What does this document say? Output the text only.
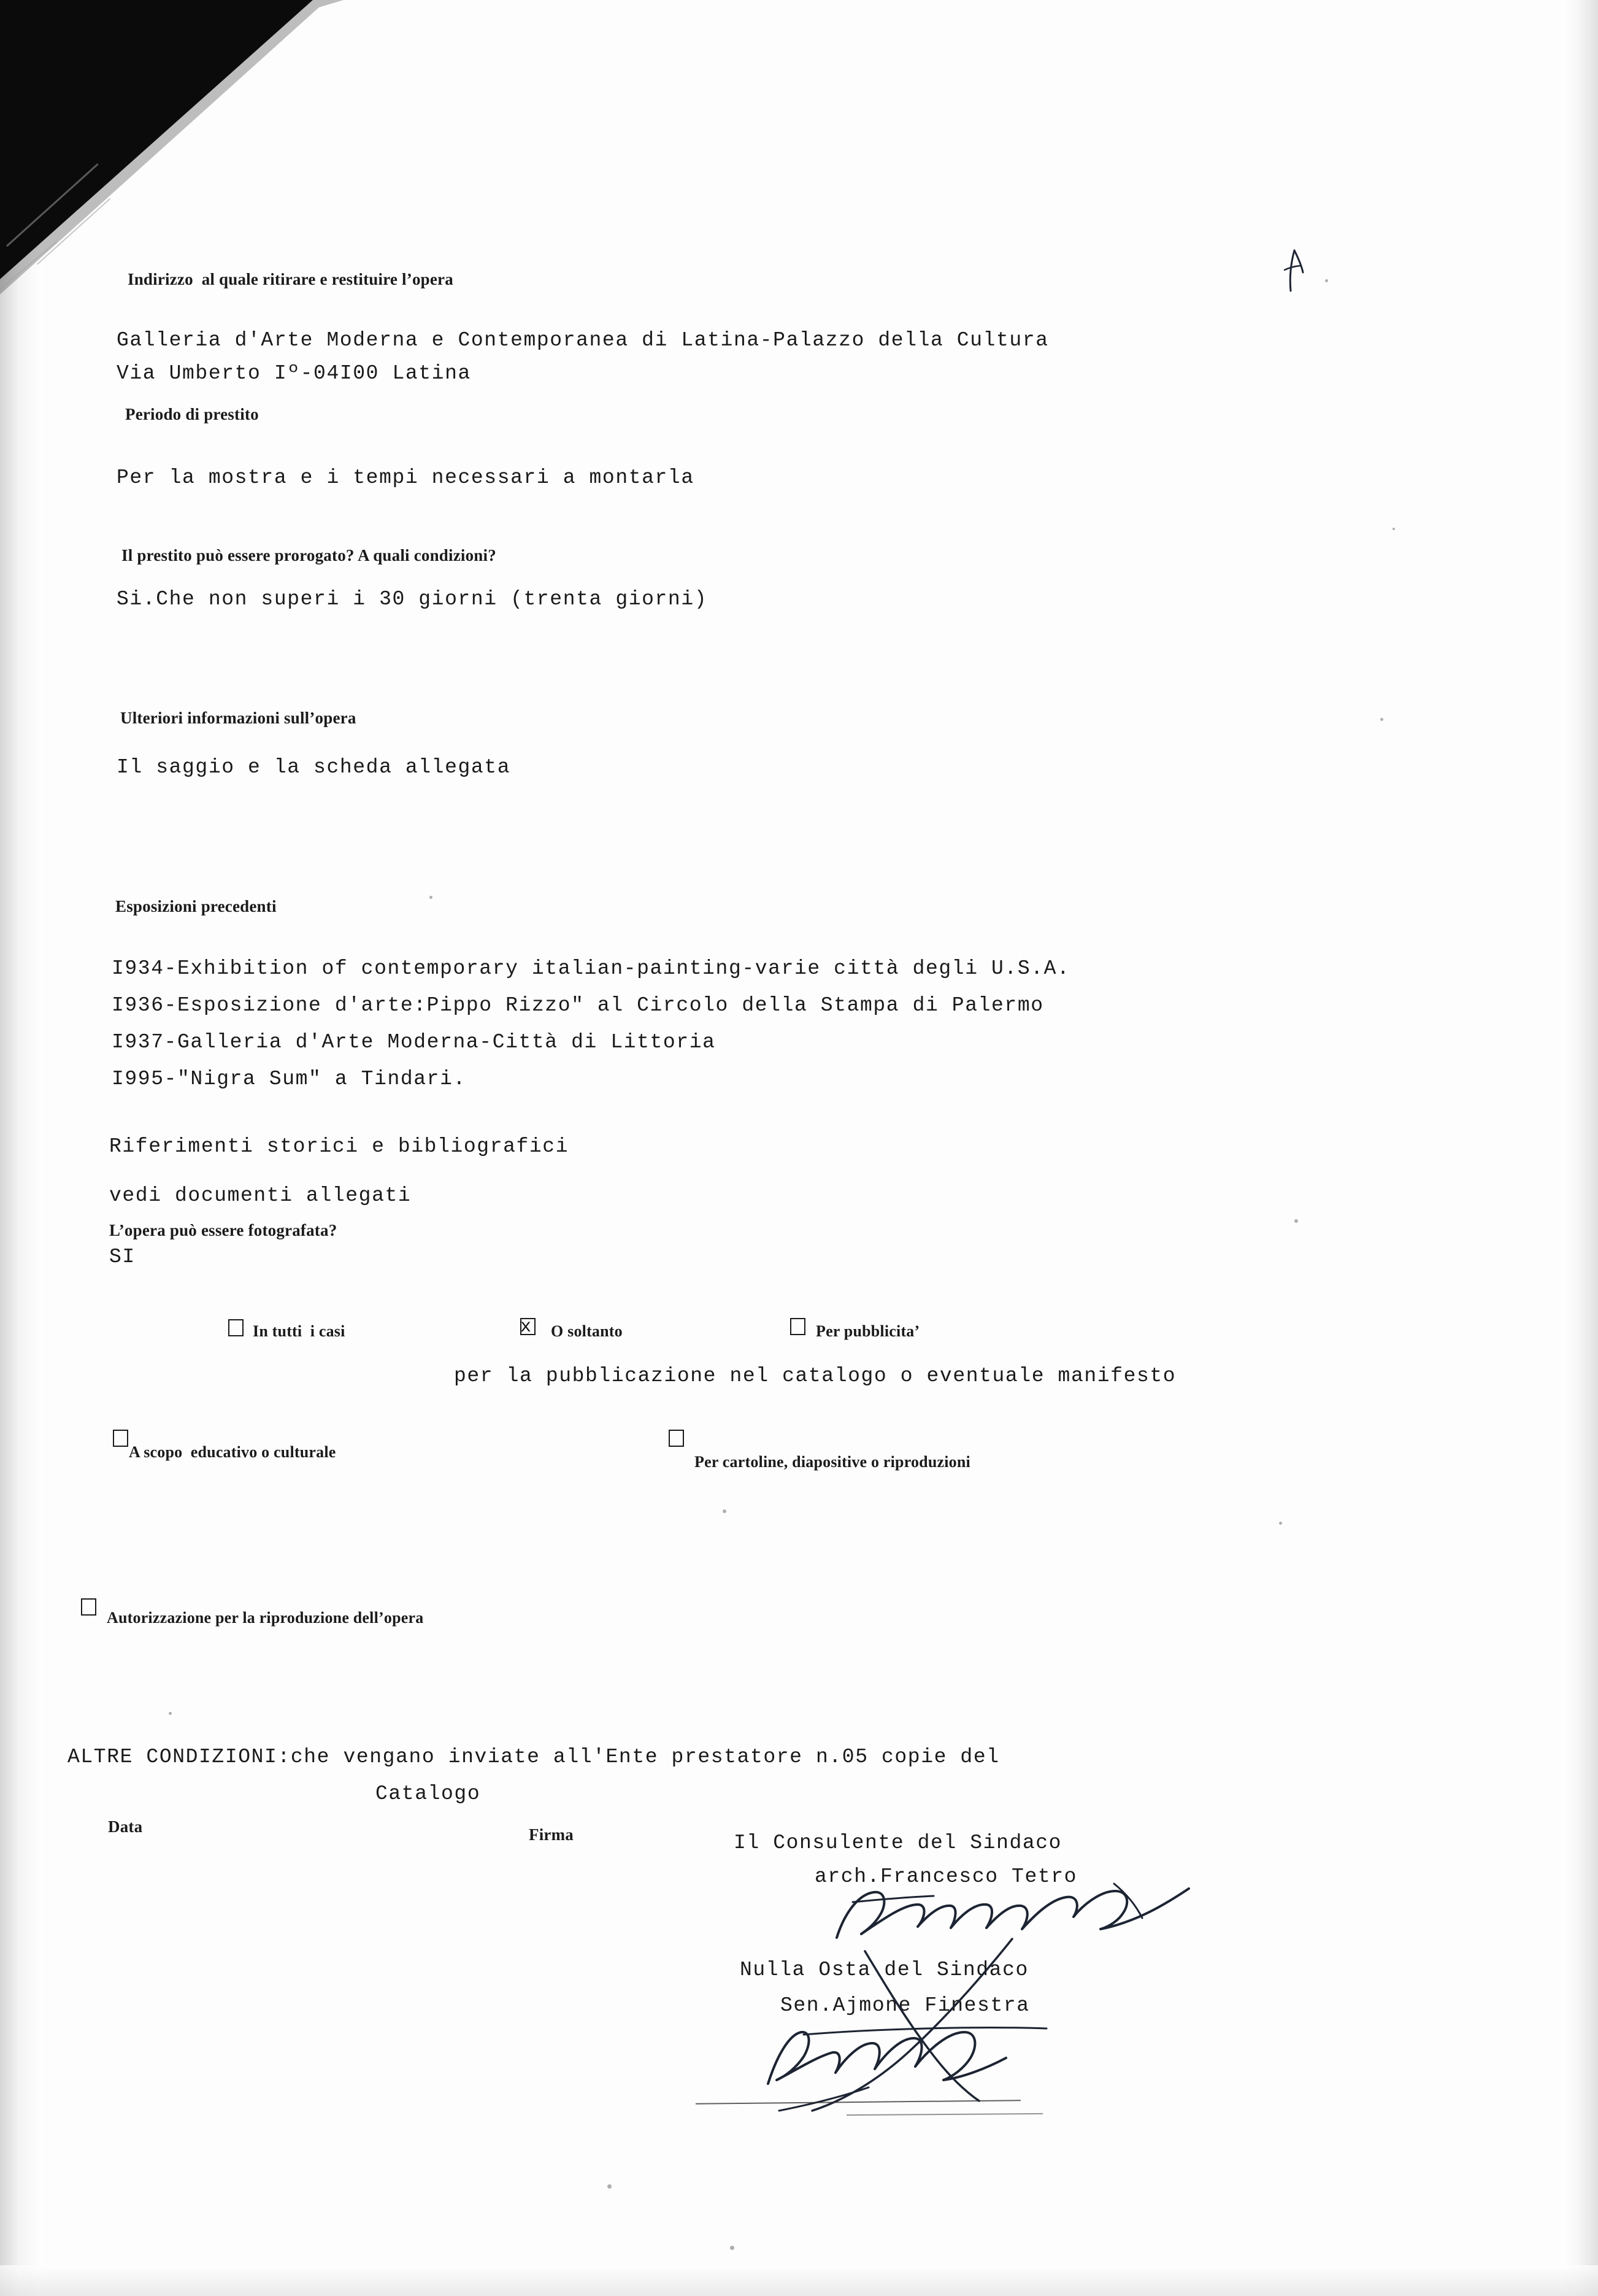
Indirizzo  al quale ritirare e restituire l’opera
Galleria d'Arte Moderna e Contemporanea di Latina-Palazzo della Cultura
Via Umberto Iº-04I00 Latina
Periodo di prestito
Per la mostra e i tempi necessari a montarla
Il prestito può essere prorogato? A quali condizioni?
Si.Che non superi i 30 giorni (trenta giorni)
Ulteriori informazioni sull’opera
Il saggio e la scheda allegata
Esposizioni precedenti
I934-Exhibition of contemporary italian-painting-varie città degli U.S.A.
I936-Esposizione d'arte:Pippo Rizzo" al Circolo della Stampa di Palermo
I937-Galleria d'Arte Moderna-Città di Littoria
I995-"Nigra Sum" a Tindari.
Riferimenti storici e bibliografici
vedi documenti allegati
L’opera può essere fotografata?
SI
In tutti  i casi	x O soltanto	Per pubblicita’
per la pubblicazione nel catalogo o eventuale manifesto
A scopo  educativo o culturale
Per cartoline, diapositive o riproduzioni
Autorizzazione per la riproduzione dell’opera
ALTRE CONDIZIONI:che vengano inviate all'Ente prestatore n.05 copie del
Catalogo
Data	Firma	Il Consulente del Sindaco
arch.Francesco Tetro
Nulla Osta del Sindaco
Sen.Ajmone Finestra
